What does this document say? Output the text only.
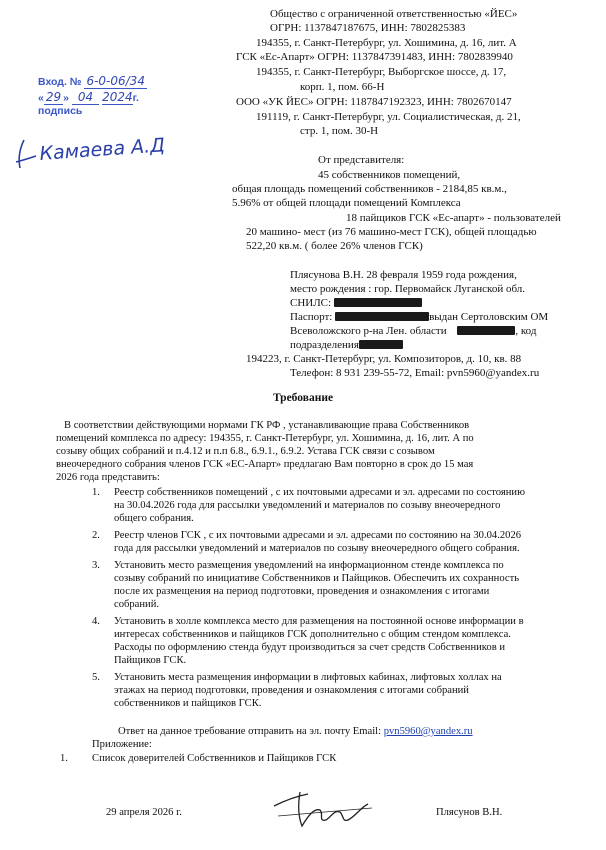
Вход. № 6-0-06/34
« 29 » 04 2024г.
подпись
Камаева А.Д
Общество с ограниченной ответственностью «ЙЕС»
ОГРН: 1137847187675, ИНН: 7802825383
194355, г. Санкт-Петербург, ул. Хошимина, д. 16, лит. А
ГСК «Ес-Апарт» ОГРН: 1137847391483, ИНН: 7802839940
194355, г. Санкт-Петербург, Выборгское шоссе, д. 17,
корп. 1, пом. 66-Н
ООО «УК ЙЕС» ОГРН: 1187847192323, ИНН: 7802670147
191119, г. Санкт-Петербург, ул. Социалистическая, д. 21,
стр. 1, пом. 30-Н
От представителя:
45 собственников помещений,
общая площадь помещений собственников - 2184,85 кв.м.,
5.96% от общей площади помещений Комплекса
18 пайщиков ГСК «Ес-апарт» - пользователей
20 машино- мест (из 76 машино-мест ГСК), общей площадью
522,20 кв.м. ( более 26% членов ГСК)
Плясунова В.Н. 28 февраля 1959 года рождения,
место рождения : гор. Первомайск Луганской обл.
СНИЛС:
Паспорт:	выдан Сертоловским ОМ
Всеволожского р-на Лен. области	, код
подразделения
194223, г. Санкт-Петербург, ул. Композиторов, д. 10, кв. 88
Телефон: 8 931 239-55-72, Email: pvn5960@yandex.ru
Требование
В соответствии действующими нормами ГК РФ , устанавливающие права Собственников
помещений комплекса по адресу: 194355, г. Санкт-Петербург, ул. Хошимина, д. 16, лит. А по
созыву общих собраний и п.4.12 и п.п 6.8., 6.9.1., 6.9.2. Устава ГСК связи с созывом
внеочередного собрания членов ГСК «ЕС-Апарт» предлагаю Вам повторно в срок до 15 мая
2026 года представить:
1. Реестр собственников помещений , с их почтовыми адресами и эл. адресами по состоянию
на 30.04.2026 года для рассылки уведомлений и материалов по созыву внеочередного
общего собрания.
2. Реестр членов ГСК , с их почтовыми адресами и эл. адреcами по состоянию на 30.04.2026
года для рассылки уведомлений и материалов по созыву внеочередного общего собрания.
3. Установить место размещения уведомлений на информационном стенде комплекса по
созыву собраний по инициативе Собственников и Пайщиков. Обеспечить их сохранность
после их размещения на период подготовки, проведения и ознакомления с итогами
собраний.
4. Установить в холле комплекса место для размещения на постоянной основе информации в
интересах собственников и пайщиков ГСК дополнительно с общим стендом комплекса.
Расходы по оформлению стенда будут производиться за счет средств Собственников и
Пайщиков ГСК.
5. Установить места размещения информации в лифтовых кабинах, лифтовых холлах на
этажах на период подготовки, проведения и ознакомления с итогами собраний
собственников и пайщиков ГСК.
Ответ на данное требование отправить на эл. почту Email: pvn5960@yandex.ru
Приложение:
1. Список доверителей Собственников и Пайщиков ГСК
29 апреля 2026 г.	Плясунов В.Н.
